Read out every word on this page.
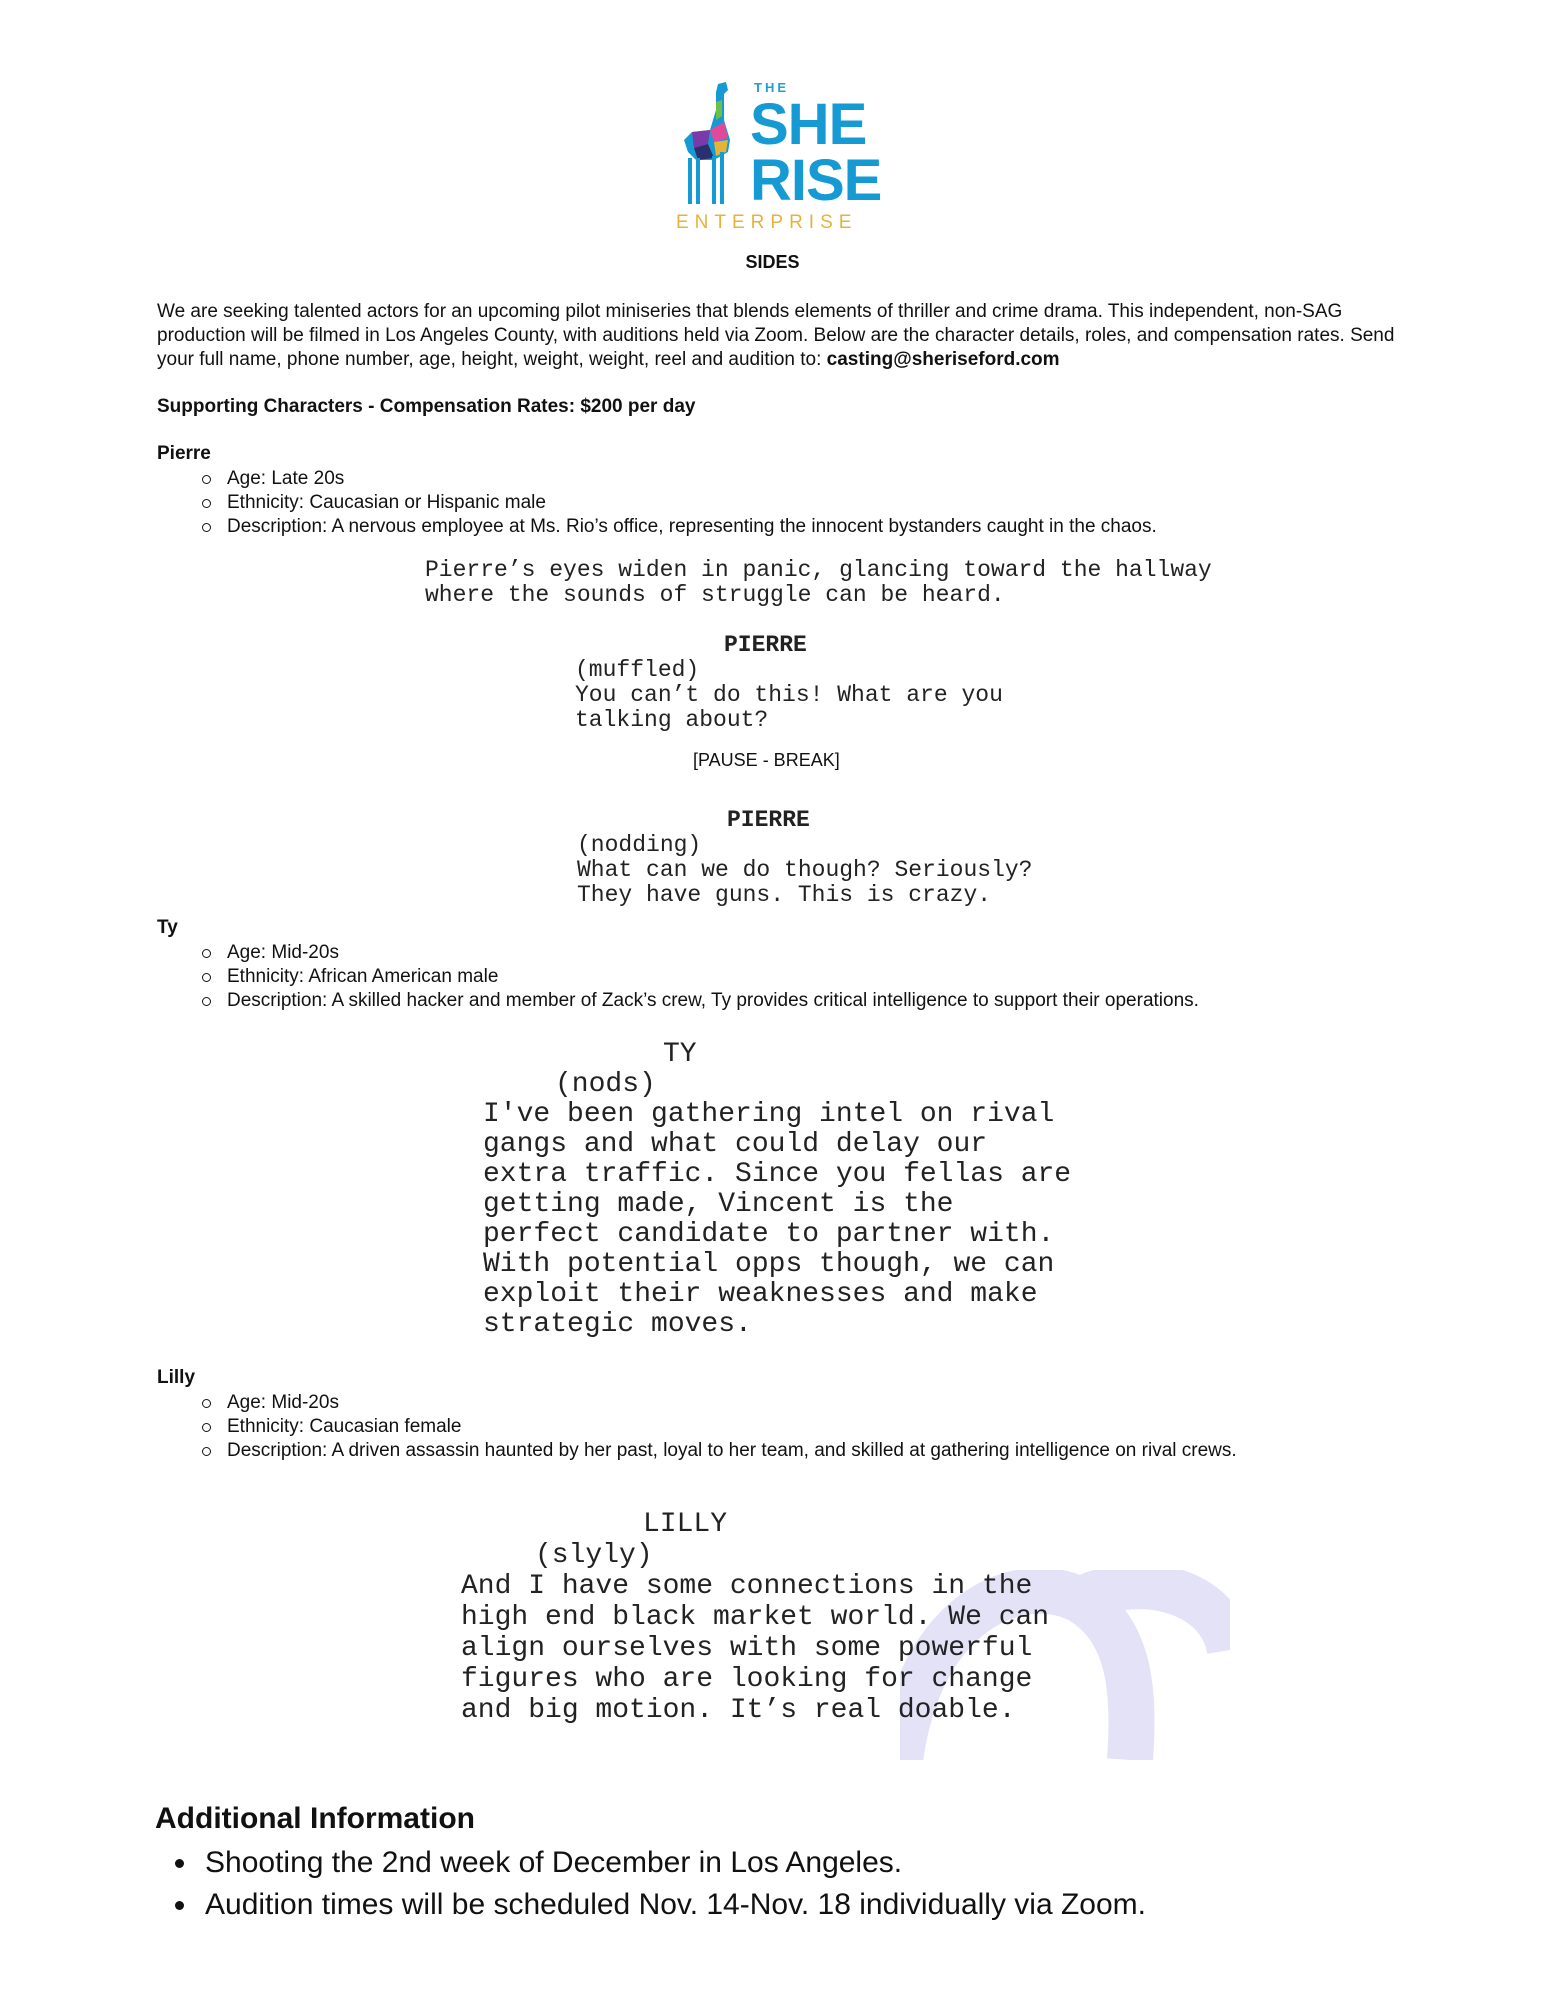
THE
SHE
RISE
ENTERPRISE
SIDES
We are seeking talented actors for an upcoming pilot miniseries that blends elements of thriller and crime drama. This independent, non-SAG production will be filmed in Los Angeles County, with auditions held via Zoom. Below are the character details, roles, and compensation rates. Send your full name, phone number, age, height, weight, weight, reel and audition to: casting@sheriseford.com
Supporting Characters - Compensation Rates: $200 per day
Pierre
Age: Late 20s
Ethnicity: Caucasian or Hispanic male
Description: A nervous employee at Ms. Rio’s office, representing the innocent bystanders caught in the chaos.
Pierre’s eyes widen in panic, glancing toward the hallway
where the sounds of struggle can be heard.
PIERRE
(muffled)
You can’t do this! What are you
talking about?
[PAUSE - BREAK]
PIERRE
(nodding)
What can we do though? Seriously?
They have guns. This is crazy.
Ty
Age: Mid-20s
Ethnicity: African American male
Description: A skilled hacker and member of Zack’s crew, Ty provides critical intelligence to support their operations.
TY
(nods)
I've been gathering intel on rival
gangs and what could delay our
extra traffic. Since you fellas are
getting made, Vincent is the
perfect candidate to partner with.
With potential opps though, we can
exploit their weaknesses and make
strategic moves.
Lilly
Age: Mid-20s
Ethnicity: Caucasian female
Description: A driven assassin haunted by her past, loyal to her team, and skilled at gathering intelligence on rival crews.
LILLY
(slyly)
And I have some connections in the
high end black market world. We can
align ourselves with some powerful
figures who are looking for change
and big motion. It’s real doable.
Additional Information
Shooting the 2nd week of December in Los Angeles.
Audition times will be scheduled Nov. 14-Nov. 18 individually via Zoom.
